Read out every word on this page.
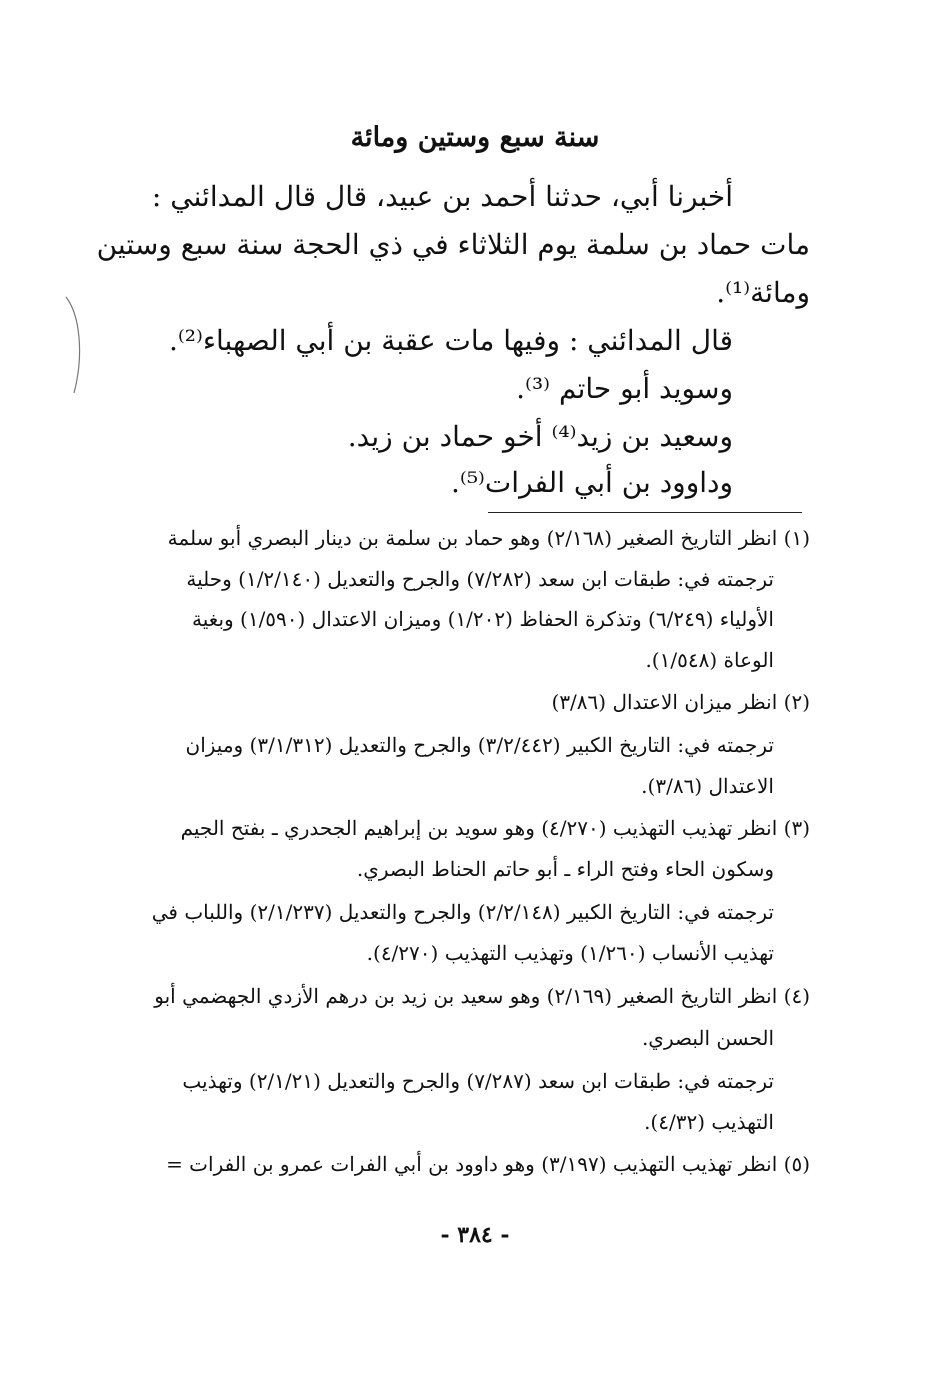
سنة سبع وستين ومائة
أخبرنا أبي، حدثنا أحمد بن عبيد، قال قال المدائني :
مات حماد بن سلمة يوم الثلاثاء في ذي الحجة سنة سبع وستين
ومائة⁽¹⁾.
قال المدائني : وفيها مات عقبة بن أبي الصهباء⁽²⁾.
وسويد أبو حاتم ⁽³⁾.
وسعيد بن زيد⁽⁴⁾ أخو حماد بن زيد.
وداوود بن أبي الفرات⁽⁵⁾.
(١) انظر التاريخ الصغير (٢/١٦٨) وهو حماد بن سلمة بن دينار البصري أبو سلمة
ترجمته في: طبقات ابن سعد (٧/٢٨٢) والجرح والتعديل (١/٢/١٤٠) وحلية
الأولياء (٦/٢٤٩) وتذكرة الحفاظ (١/٢٠٢) وميزان الاعتدال (١/٥٩٠) وبغية
الوعاة (١/٥٤٨).
(٢) انظر ميزان الاعتدال (٣/٨٦)
ترجمته في: التاريخ الكبير (٣/٢/٤٤٢) والجرح والتعديل (٣/١/٣١٢) وميزان
الاعتدال (٣/٨٦).
(٣) انظر تهذيب التهذيب (٤/٢٧٠) وهو سويد بن إبراهيم الجحدري ـ بفتح الجيم
وسكون الحاء وفتح الراء ـ أبو حاتم الحناط البصري.
ترجمته في: التاريخ الكبير (٢/٢/١٤٨) والجرح والتعديل (٢/١/٢٣٧) واللباب في
تهذيب الأنساب (١/٢٦٠) وتهذيب التهذيب (٤/٢٧٠).
(٤) انظر التاريخ الصغير (٢/١٦٩) وهو سعيد بن زيد بن درهم الأزدي الجهضمي أبو
الحسن البصري.
ترجمته في: طبقات ابن سعد (٧/٢٨٧) والجرح والتعديل (٢/١/٢١) وتهذيب
التهذيب (٤/٣٢).
(٥) انظر تهذيب التهذيب (٣/١٩٧) وهو داوود بن أبي الفرات عمرو بن الفرات =
- ٣٨٤ -
